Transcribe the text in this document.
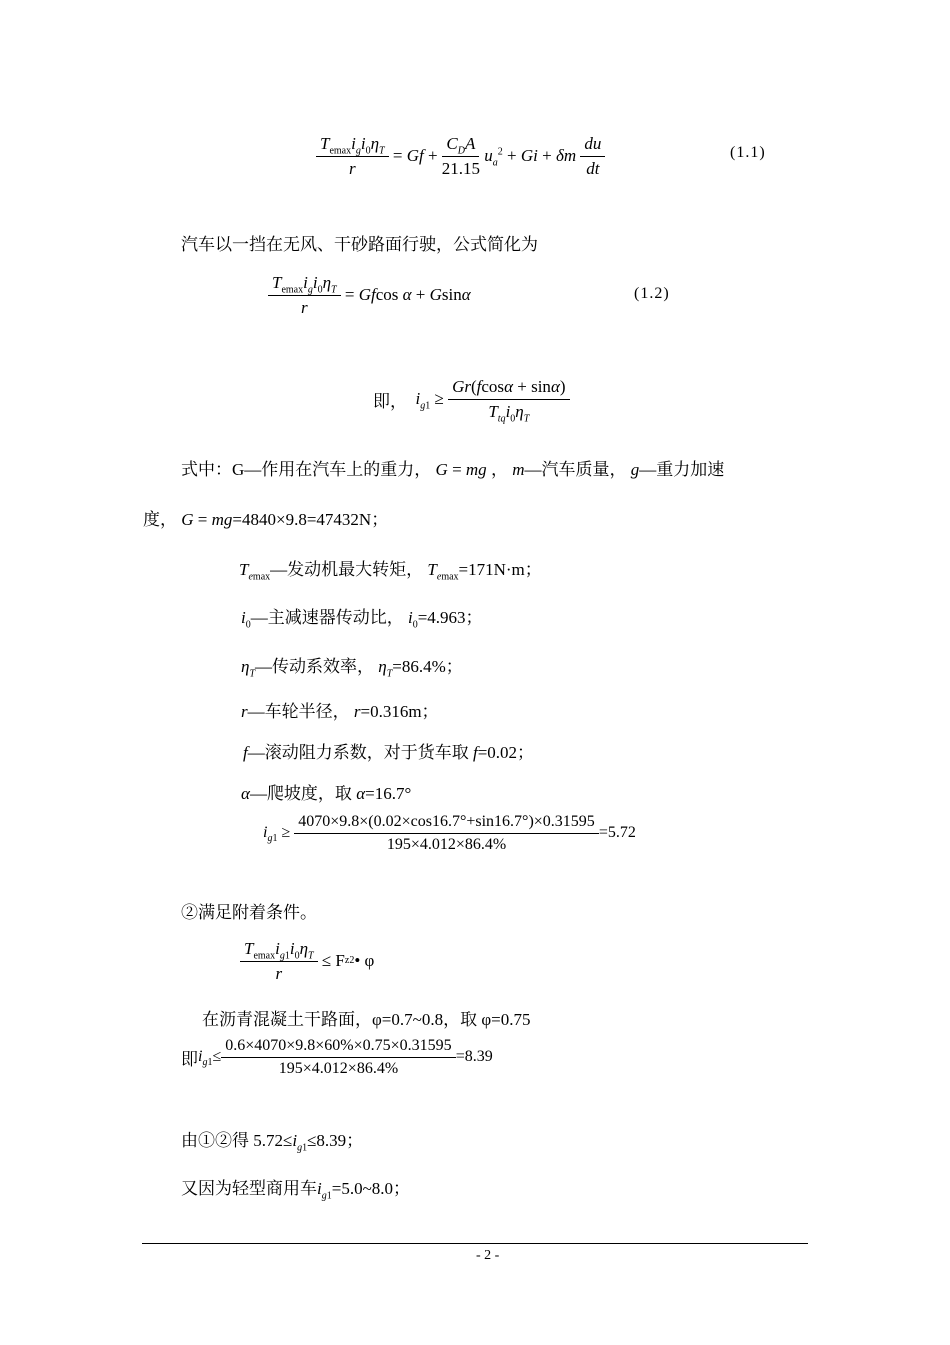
$\frac{T_{emax}i_gi_0\eta_T}{r} = Gf + \frac{C_DA}{21.15} u_a^2 + Gi + \delta m \frac{du}{dt}$	(1.1)
汽车以一挡在无风、干砂路面行驶，公式简化为
$\frac{T_{emax}i_gi_0\eta_T}{r} = Gfcos$ α + Gsinα	(1.2)
即， $i_{g1} \ge \frac{Gr(fcos\alpha + \sin\alpha)}{T_{tq}i_0\eta_T}$
式中：G—作用在汽车上的重力， G = mg ， m—汽车质量， g—重力加速
度， G = mg=4840×9.8=47432N；
$T_{emax}—$发动机最大转矩， $T_{emax}=171N\cdot m$；
$i_0—$主减速器传动比， $i_0=4.963$；
$\eta_T—$传动系效率， $\eta_T=86.4\%$；
r—车轮半径， r=0.316m；
f—滚动阻力系数，对于货车取 f=0.02；
α—爬坡度，取 α=16.7°
$i_{g1} \ge \frac{4070\times 9.8\times(0.02\times\cos 16.7^\circ+\sin 16.7^\circ)\times 0.31595}{195\times 4.012\times 86.4\%} =5.72$
②满足附着条件。
$\frac{T_{emax}i_{g1}i_0\eta_T}{r}$
≤ F z2 • φ
在沥青混凝土干路面，φ=0.7~0.8，取 φ=0.75
即 $i_{g1}\le \frac{0.6\times 4070\times 9.8\times 60\%\times 0.75\times 0.31595}{195\times 4.012\times 86.4\%} =8.39$
由①②得 $5.72\le i_{g1}\le 8.39$；
又因为轻型商用车$i_{g1}=5.0\sim 8.0$；
- 2 -
